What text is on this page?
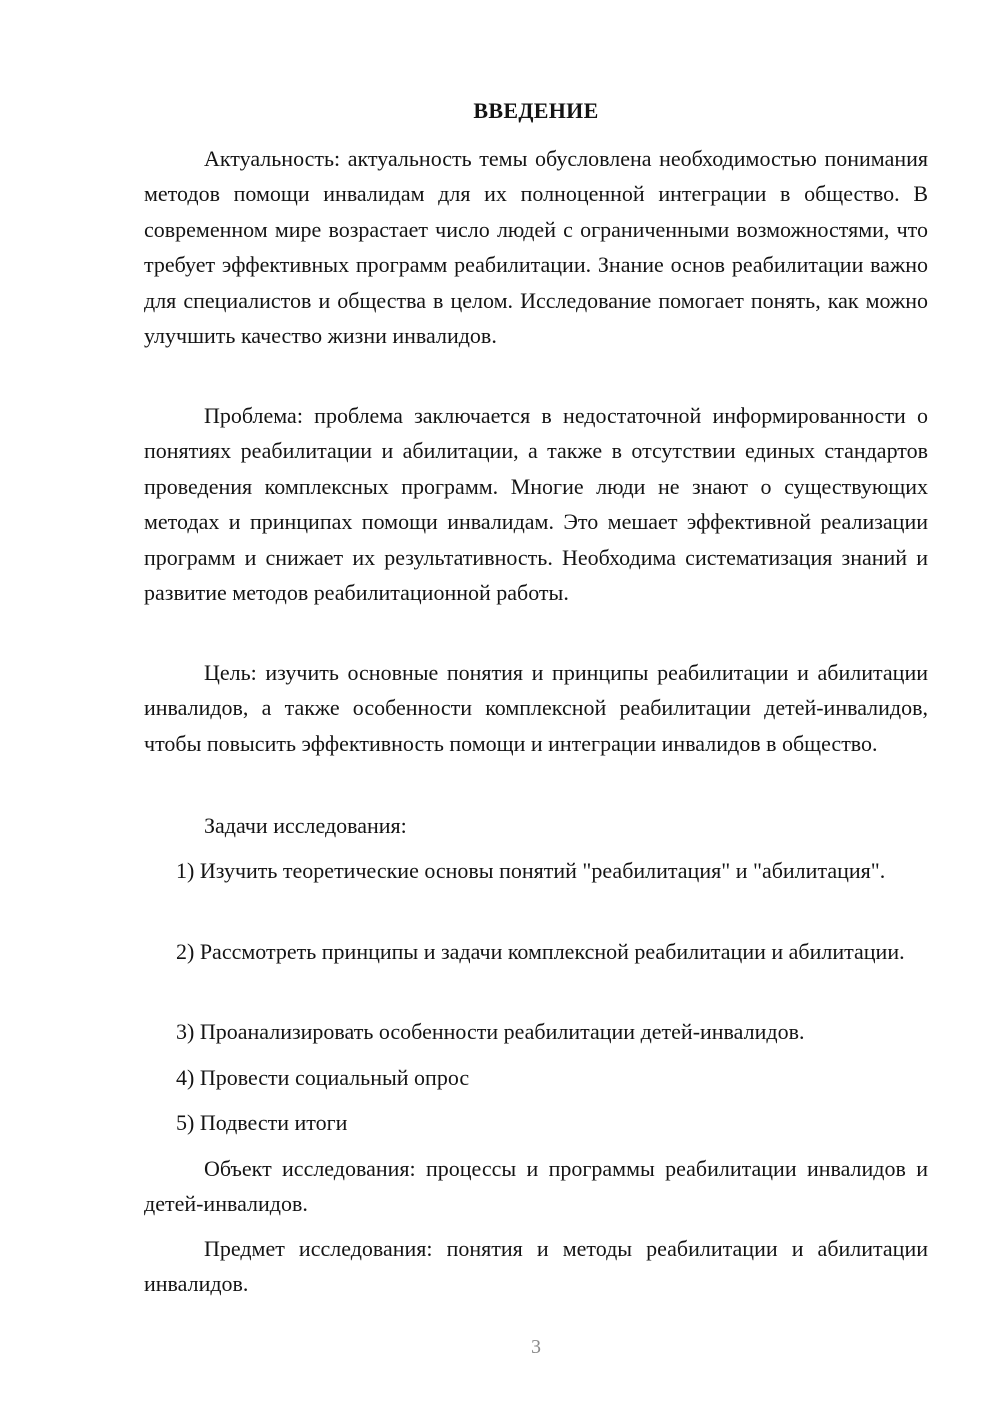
ВВЕДЕНИЕ

Актуальность: актуальность темы обусловлена необходимостью понимания методов помощи инвалидам для их полноценной интеграции в общество. В современном мире возрастает число людей с ограниченными возможностями, что требует эффективных программ реабилитации. Знание основ реабилитации важно для специалистов и общества в целом. Исследование помогает понять, как можно улучшить качество жизни инвалидов.

Проблема: проблема заключается в недостаточной информированности о понятиях реабилитации и абилитации, а также в отсутствии единых стандартов проведения комплексных программ. Многие люди не знают о существующих методах и принципах помощи инвалидам. Это мешает эффективной реализации программ и снижает их результативность. Необходима систематизация знаний и развитие методов реабилитационной работы.

Цель: изучить основные понятия и принципы реабилитации и абилитации инвалидов, а также особенности комплексной реабилитации детей-инвалидов, чтобы повысить эффективность помощи и интеграции инвалидов в общество.

Задачи исследования:

1) Изучить теоретические основы понятий "реабилитация" и "абилитация".

2) Рассмотреть принципы и задачи комплексной реабилитации и абилитации.

3) Проанализировать особенности реабилитации детей-инвалидов.

4) Провести социальный опрос

5) Подвести итоги

Объект исследования: процессы и программы реабилитации инвалидов и детей-инвалидов.

Предмет исследования: понятия и методы реабилитации и абилитации инвалидов.

3
